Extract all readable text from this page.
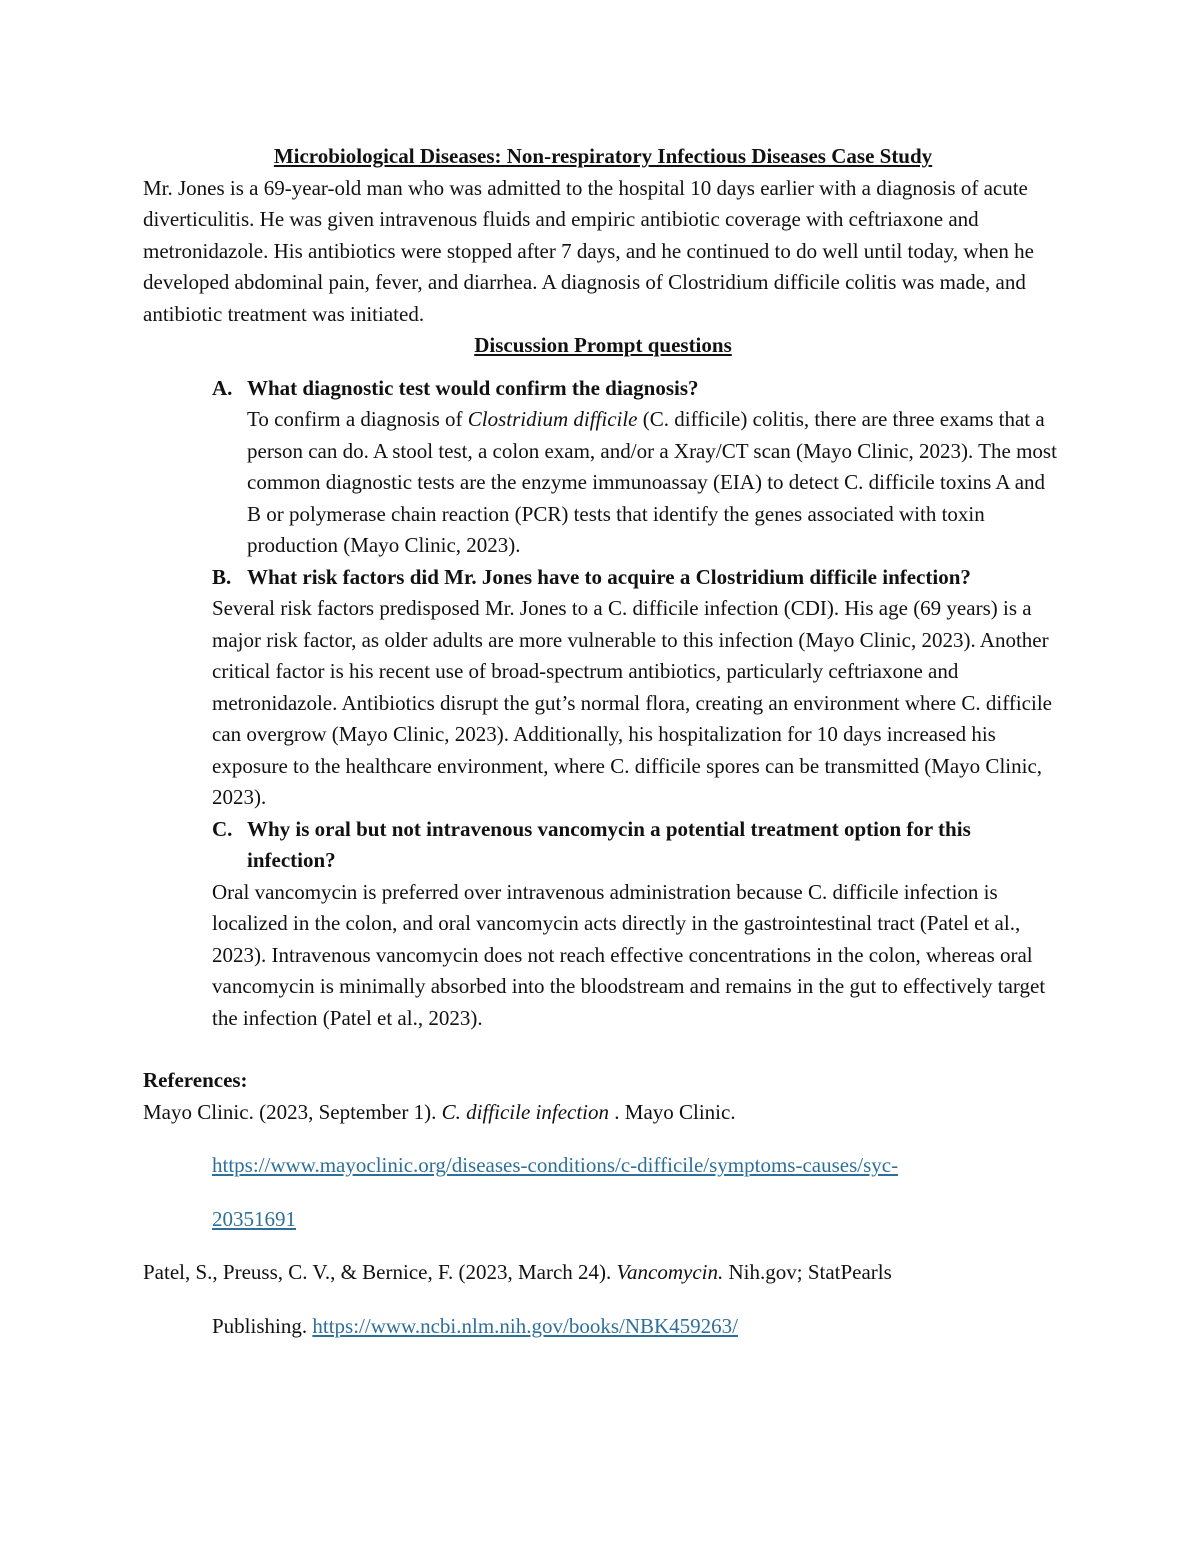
Microbiological Diseases: Non-respiratory Infectious Diseases Case Study

Mr. Jones is a 69-year-old man who was admitted to the hospital 10 days earlier with a diagnosis of acute diverticulitis. He was given intravenous fluids and empiric antibiotic coverage with ceftriaxone and metronidazole. His antibiotics were stopped after 7 days, and he continued to do well until today, when he developed abdominal pain, fever, and diarrhea. A diagnosis of Clostridium difficile colitis was made, and antibiotic treatment was initiated.

Discussion Prompt questions
A. What diagnostic test would confirm the diagnosis?

To confirm a diagnosis of Clostridium difficile (C. difficile) colitis, there are three exams that a person can do. A stool test, a colon exam, and/or a Xray/CT scan (Mayo Clinic, 2023). The most common diagnostic tests are the enzyme immunoassay (EIA) to detect C. difficile toxins A and B or polymerase chain reaction (PCR) tests that identify the genes associated with toxin production (Mayo Clinic, 2023).

B. What risk factors did Mr. Jones have to acquire a Clostridium difficile infection?

Several risk factors predisposed Mr. Jones to a C. difficile infection (CDI). His age (69 years) is a major risk factor, as older adults are more vulnerable to this infection (Mayo Clinic, 2023). Another critical factor is his recent use of broad-spectrum antibiotics, particularly ceftriaxone and metronidazole. Antibiotics disrupt the gut’s normal flora, creating an environment where C. difficile can overgrow (Mayo Clinic, 2023). Additionally, his hospitalization for 10 days increased his exposure to the healthcare environment, where C. difficile spores can be transmitted (Mayo Clinic, 2023).

C. Why is oral but not intravenous vancomycin a potential treatment option for this infection?

Oral vancomycin is preferred over intravenous administration because C. difficile infection is localized in the colon, and oral vancomycin acts directly in the gastrointestinal tract (Patel et al., 2023). Intravenous vancomycin does not reach effective concentrations in the colon, whereas oral vancomycin is minimally absorbed into the bloodstream and remains in the gut to effectively target the infection (Patel et al., 2023).

References:

Mayo Clinic. (2023, September 1). C. difficile infection . Mayo Clinic.

https://www.mayoclinic.org/diseases-conditions/c-difficile/symptoms-causes/syc-

20351691

Patel, S., Preuss, C. V., & Bernice, F. (2023, March 24). Vancomycin. Nih.gov; StatPearls

Publishing. https://www.ncbi.nlm.nih.gov/books/NBK459263/
